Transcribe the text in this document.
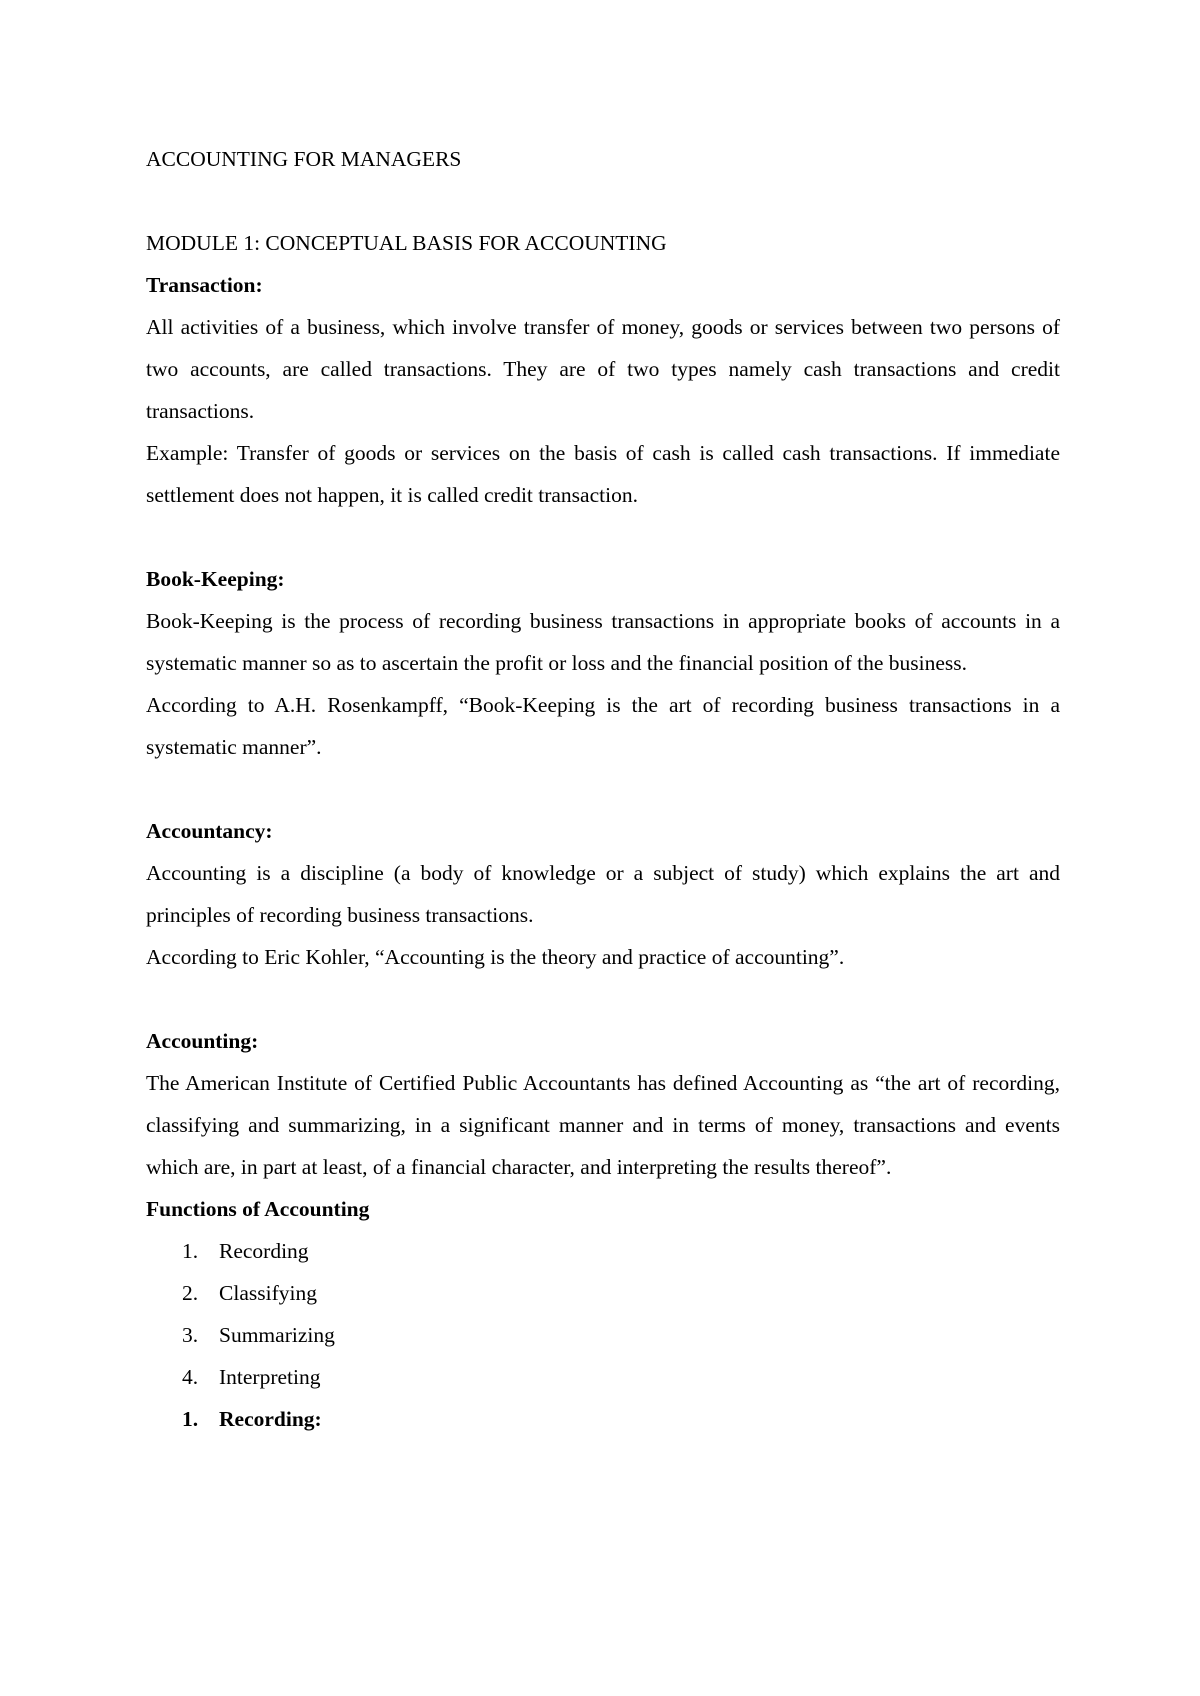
ACCOUNTING FOR MANAGERS
MODULE 1: CONCEPTUAL BASIS FOR ACCOUNTING
Transaction:

All activities of a business, which involve transfer of money, goods or services between two persons of two accounts, are called transactions. They are of two types namely cash transactions and credit transactions.

Example: Transfer of goods or services on the basis of cash is called cash transactions. If immediate settlement does not happen, it is called credit transaction.

Book-Keeping:

Book-Keeping is the process of recording business transactions in appropriate books of accounts in a systematic manner so as to ascertain the profit or loss and the financial position of the business.

According to A.H. Rosenkampff, “Book-Keeping is the art of recording business transactions in a systematic manner”.

Accountancy:

Accounting is a discipline (a body of knowledge or a subject of study) which explains the art and principles of recording business transactions.

According to Eric Kohler, “Accounting is the theory and practice of accounting”.

Accounting:

The American Institute of Certified Public Accountants has defined Accounting as “the art of recording, classifying and summarizing, in a significant manner and in terms of money, transactions and events which are, in part at least, of a financial character, and interpreting the results thereof”.

Functions of Accounting
1. Recording
2. Classifying
3. Summarizing
4. Interpreting
1. Recording:
